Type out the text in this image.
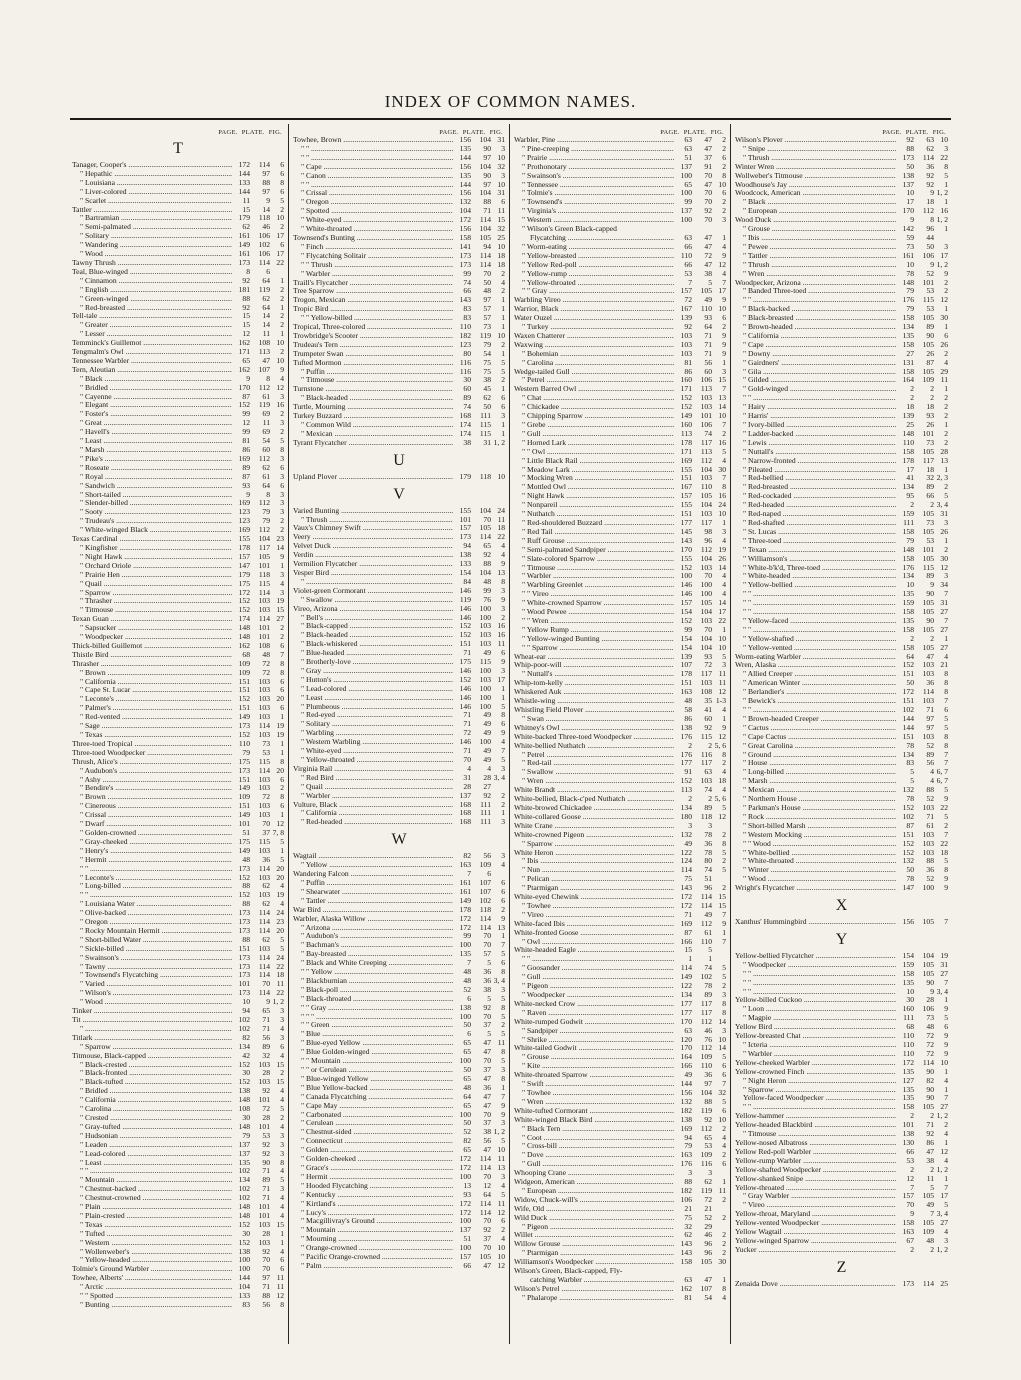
INDEX OF COMMON NAMES.
PAGE. PLATE. FIG.
T
Tanager, Cooper's .....	172	114	6
" Hepathic .....	144	97	6
" Louisiana .....	133	88	8
" Liver-colored .....	144	97	6
" Scarlet .....	11	9	5
Tattler .....	15	14	2
" Bartramian .....	179	118 10
" Semi-palmated .....	62	46	2
" Solitary .....	161	106 17
" Wandering .....	149	102	6
" Wood .....	161	106 17
Tawny Thrush .....	173	114 22
Teal, Blue-winged .....	8	6
" Cinnamon .....	92	64	1
" English .....	181	119	2
" Green-winged .....	88	62	2
" Red-breasted .....	92	64	1
Tell-tale .....	15	14	2
" Greater .....	15	14	2
" Lesser .....	12	11	1
Temminck's Guillemot .....	162	108 10
Tengmalm's Owl .....	171	113	2
Tennessee Warbler .....	65	47 10
Tern, Aleutian .....	162	107	9
" Black .....	9	8	4
" Bridled .....	170	112 12
" Cayenne .....	87	61	3
" Elegant .....	152	119 16
" Foster's .....	99	69	2
" Great .....	12	11	3
" Havell's .....	99	69	2
" Least .....	81	54	5
" Marsh .....	86	60	8
" Pike's .....	169	112	3
" Roseate .....	89	62	6
" Royal .....	87	61	3
" Sandwich .....	93	64	6
" Short-tailed .....	9	8	3
" Slender-billed .....	169	112	3
" Sooty .....	123	79	3
" Trudeau's .....	123	79	2
" White-winged Black .....	169	112	2
Texas Cardinal .....	155	104 23
" Kingfisher .....	178	117 14
" Night Hawk .....	157	105	9
" Orchard Oriole .....	147	101	1
" Prairie Hen .....	179	118	3
" Quail .....	175	115	4
" Sparrow .....	172	114	3
" Thrasher .....	152	103 19
" Titmouse .....	152	103 15
Texan Guan .....	174	114 27
" Sapsucker .....	148	101	2
" Woodpecker .....	148	101	2
Thick-billed Guillemot .....	162	108	6
Thistle Bird .....	68	48	7
Thrasher .....	109	72	8
" Brown .....	109	72	8
" California .....	151	103	6
" Cape St. Lucar .....	151	103	6
" Leconte's .....	152	103 20
" Palmer's .....	151	103	6
" Red-vented .....	149	103	1
" Sage .....	173	114 19
" Texas .....	152	103 19
Three-toed Tropical .....	110	73	1
Three-toed Woodpecker .....	79	53	1
Thrush, Alice's .....	175	115	8
" Audubon's .....	173	114 20
" Ashy .....	151	103	6
" Bendire's .....	149	103	2
" Brown .....	109	72	8
" Cinereous .....	151	103	6
" Crissal .....	149	103	1
" Dwarf .....	101	70 12
" Golden-crowned .....	51	37 7, 8
" Gray-cheeked .....	175	115	5
" Henry's .....	149	103	1
" Hermit .....	48	36	5
" " .....	173	114 20
" Leconte's .....	152	103 20
" Long-billed .....	88	62	4
" " .....	152	103 19
" Louisiana Water .....	88	62	4
" Olive-backed .....	173	114 24
" Oregon .....	173	114 23
" Rocky Mountain Hermit .....	173	114 20
" Short-billed Water .....	88	62	5
" Sickle-billed .....	151	103	5
" Swainson's .....	173	114 24
" Tawny .....	173	114 22
" Townsend's Flycatching .....	173	114 18
" Varied .....	101	70 11
" Wilson's .....	173	114 22
" Wood .....	10	9 1, 2
Tinker .....	94	65	3
Tit .....	102	71	3
" .....	102	71	4
Titlark .....	82	56	3
" Sparrow .....	134	89	6
Titmouse, Black-capped .....	42	32	4
" Black-crested .....	152	103 15
" Black-fronted .....	30	28	2
" Black-tufted .....	152	103 15
" Bridled .....	138	92	4
" California .....	148	101	4
" Carolina .....	108	72	5
" Crested .....	30	28	2
" Gray-tufted .....	148	101	4
" Hudsonian .....	79	53	3
" Leaden .....	137	92	3
" Lead-colored .....	137	92	3
" Least .....	135	90	8
" " .....	102	71	4
" Mountain .....	134	89	5
" Chestnut-backed .....	102	71	3
" Chestnut-crowned .....	102	71	4
" Plain .....	148	101	4
" Plain-crested .....	148	101	4
" Texas .....	152	103 15
" Tufted .....	30	28	1
" Western .....	152	103	1
" Wollenweber's .....	138	92	4
" Yellow-headed .....	100	70	6
Tolmie's Ground Warbler .....	100	70	6
Towhee, Alberts' .....	144	97 11
" Arctic .....	104	71 11
" " Spotted .....	133	88 12
" Bunting .....	83	56	8
PAGE. PLATE. FIG.
Towhee, Brown .....	156	104 31
" " .....	135	90	3
" " .....	144	97 10
" Cape .....	156	104 32
" Canon .....	135	90	3
" " .....	144	97 10
" Crissal .....	156	104 31
" Oregon .....	132	88	6
" Spotted .....	104	71 11
" White-eyed .....	172	114 15
" White-throated .....	156	104 32
Townsend's Bunting .....	158	105 25
" Finch .....	141	94 10
" Flycatching Solitair .....	173	114 18
" " Thrush .....	173	114 18
" Warbler .....	99	70	2
Traill's Flycatcher .....	74	50	4
Tree Sparrow .....	66	48	2
Trogon, Mexican .....	143	97	1
Tropic Bird .....	83	57	1
" " Yellow-billed .....	83	57	1
Tropical, Three-colored .....	110	73	1
Trowbridge's Scooter .....	182	119 10
Trudeau's Tern .....	123	79	2
Trumpeter Swan .....	80	54	1
Tufted Mormon .....	116	75	5
" Puffin .....	116	75	5
" Titmouse .....	30	38	2
Turnstone .....	60	45	1
" Black-headed .....	89	62	6
Turtle, Mourning .....	74	50	6
Turkey Buzzard .....	168	111	3
" Common Wild .....	174	115	1
" Mexican .....	174	115	1
Tyrant Flycatcher .....	38	31 1, 2
U
Upland Plover .....	179	118 10
V
Varied Bunting .....	155	104 24
" Thrush .....	101	70 11
Vaux's Chimney Swift .....	157	105 18
Veery .....	173	114 22
Velvet Duck .....	94	65	4
Verdin .....	138	92	4
Vermilion Flycatcher .....	133	88	9
Vesper Bird .....	154	104 13
" .....	84	48	8
Violet-green Cormorant .....	146	99	3
" Swallow .....	119	76	9
Vireo, Arizona .....	146	100	3
" Bell's .....	146	100	2
" Black-capped .....	152	103 16
" Black-headed .....	152	103 16
" Black-whiskered .....	151	103 11
" Blue-headed .....	71	49	6
" Brotherly-love .....	175	115	9
" Gray .....	146	100	3
" Hutton's .....	152	103 17
" Lead-colored .....	146	100	1
" Least .....	146	100	1
" Plumbeous .....	146	100	5
" Red-eyed .....	71	49	8
" Solitary .....	71	49	6
" Warbling .....	72	49	9
" Western Warbling .....	146	100	4
" White-eyed .....	71	49	7
" Yellow-throated .....	70	49	5
Virginia Rail .....	4	4	3
" Red Bird .....	31	28 3, 4
" Quail .....	28	27
" Warbler .....	137	92	2
Vulture, Black .....	168	111	2
" California .....	168	111	1
" Red-headed .....	168	111	3
W
Wagtail .....	82	56	3
" Yellow .....	163	109	4
Wandering Falcon .....	7	6
" Puffin .....	161	107	6
" Shearwater .....	161	107	6
" Tattler .....	149	102	6
War Bird .....	178	118	2
Warbler, Alaska Willow .....	172	114	9
" Arizona .....	172	114 13
" Audubon's .....	99	70	1
" Bachman's .....	100	70	7
" Bay-breasted .....	135	57	5
" Black and White Creeping .....	7	5	6
" " Yellow .....	48	36	8
" Blackburnian .....	48	36 3, 4
" Black-poll .....	52	38	3
" Black-throated .....	6	5	5
" " Gray .....	138	92	8
" " " .....	100	70	5
" " Green .....	50	37	2
" Blue .....	6	5	5
" Blue-eyed Yellow .....	65	47 11
" Blue Golden-winged .....	65	47	8
" " Mountain .....	100	70	5
" " or Cerulean .....	50	37	3
" Blue-winged Yellow .....	65	47	8
" Blue Yellow-backed .....	48	36	1
" Canada Flycatching .....	64	47	7
" Cape May .....	65	47	9
" Carbonated .....	100	70	9
" Cerulean .....	50	37	3
" Chestnut-sided .....	52	38 1, 2
" Connecticut .....	82	56	5
" Golden .....	65	47 10
" Golden-cheeked .....	172	114 11
" Grace's .....	172	114 13
" Hermit .....	100	70	3
" Hooded Flycatching .....	13	12	4
" Kentucky .....	93	64	5
" Kirtland's .....	172	114 11
" Lucy's .....	172	114 12
" Macgillivray's Ground .....	100	70	6
" Mountain .....	137	92	2
" Mourning .....	51	37	4
" Orange-crowned .....	100	70 10
" Pacific Orange-crowned .....	157	105 10
" Palm .....	66	47 12
PAGE. PLATE. FIG.
Warbler, Pine .....	63	47	2
" Pine-creeping .....	63	47	2
" Prairie .....	51	37	6
" Prothonotary .....	137	91	2
" Swainson's .....	100	70	8
" Tennessee .....	65	47 10
" Tolmie's .....	100	70	6
" Townsend's .....	99	70	2
" Virginia's .....	137	92	2
" Western .....	100	70	3
" Wilson's Green Black-capped
Flycatching .....	63	47	1
" Worm-eating .....	66	47	4
" Yellow-breasted .....	110	72	9
" Yellow Red-poll .....	66	47 12
" Yellow-rump .....	53	38	4
" Yellow-throated .....	7	5	7
" " Gray .....	157	105 17
Warbling Vireo .....	72	49	9
Warrior, Black .....	167	110 10
Water Ouzel .....	139	93	6
" Turkey .....	92	64	2
Waxen Chatterer .....	103	71	9
Waxwing .....	103	71	9
" Bohemian .....	103	71	9
" Carolina .....	81	56	1
Wedge-tailed Gull .....	86	60	3
" Petrel .....	160	106 15
Western Barred Owl .....	171	113	7
" Chat .....	152	103 13
" Chickadee .....	152	103 14
" Chipping Sparrow .....	149	101 10
" Grebe .....	160	106	7
" Gull .....	113	74	2
" Horned Lark .....	178	117 16
" " Owl .....	171	113	5
" Little Black Rail .....	169	112	4
" Meadow Lark .....	155	104 30
" Mocking Wren .....	151	103	7
" Mottled Owl .....	167	110	8
" Night Hawk .....	157	105 16
" Nonpareil .....	155	104 24
" Nuthatch .....	151	103 10
" Red-shouldered Buzzard .....	177	117	1
" Red Tail .....	145	98	3
" Ruff Grouse .....	143	96	4
" Semi-palmated Sandpiper .....	170	112 19
" Slate-colored Sparrow .....	155	104 26
" Titmouse .....	152	103 14
" Warbler .....	100	70	4
" Warbling Greenlet .....	146	100	4
" " Vireo .....	146	100	4
" White-crowned Sparrow .....	157	105 14
" Wood Pewee .....	154	104 17
" " Wren .....	152	103 22
" Yellow Rump .....	99	70	1
" Yellow-winged Bunting .....	154	104 10
" " Sparrow .....	154	104 10
Wheat-ear .....	139	93	5
Whip-poor-will .....	107	72	3
" Nuttall's .....	178	117 11
Whip-tom-kelly .....	151	103 11
Whiskered Auk .....	163	108 12
Whistle-wing .....	48	35 1-3
Whistling Field Plover .....	58	41	4
" Swan .....	86	60	1
Whitney's Owl .....	138	92	9
White-backed Three-toed Woodpecker .....	176	115 12
White-bellied Nuthatch .....	2	2 5, 6
" Petrel .....	176	116	8
" Red-tail .....	177	117	2
" Swallow .....	91	63	4
" Wren .....	152	103 18
White Brandt .....	113	74	4
White-bellied, Black-c'ped Nuthatch .....	2	2 5, 6
White-browed Chickadee .....	134	89	5
White-collared Goose .....	180	118 12
White Crane .....	3	3
White-crowned Pigeon .....	132	78	2
" Sparrow .....	49	36	8
White Heron .....	122	78	5
" Ibis .....	124	80	2
" Nun .....	114	74	5
" Pelican .....	75	51
" Ptarmigan .....	143	96	2
White-eyed Chewink .....	172	114 15
" Towhee .....	172	114 15
" Vireo .....	71	49	7
White-faced Ibis .....	169	112	9
White-fronted Goose .....	87	61	1
" Owl .....	166	110	7
White-headed Eagle .....	15	5
" " .....	1	1
" Goosander .....	114	74	5
" Gull .....	149	102	5
" Pigeon .....	122	78	2
" Woodpecker .....	134	89	3
White-necked Crow .....	177	117	8
" Raven .....	177	117	8
White-rumped Godwit .....	170	112 14
" Sandpiper .....	63	46	3
" Shrike .....	120	76 10
White-tailed Godwit .....	170	112 14
" Grouse .....	164	109	5
" Kite .....	166	110	6
White-throated Sparrow .....	49	36	6
" Swift .....	144	97	7
" Towhee .....	156	104 32
" Wren .....	132	88	5
White-tufted Cormorant .....	182	119	6
White-winged Black Bird .....	138	92 10
" Black Tern .....	169	112	2
" Coot .....	94	65	4
" Cross-bill .....	79	53	4
" Dove .....	163	109	2
" Gull .....	176	116	6
Whooping Crane .....	3	3
Widgeon, American .....	88	62	1
" European .....	182	119 11
Widow, Chuck-will's .....	106	72	2
Wife, Old .....	21	21
Wild Duck .....	75	52	2
" Pigeon .....	32	29
Willet .....	62	46	2
Willow Grouse .....	143	96	2
" Ptarmigan .....	143	96	2
Williamson's Woodpecker .....	158	105 30
Wilson's Green, Black-capped, Fly-
catching Warbler .....	63	47	1
Wilson's Petrel .....	162	107	8
" Phalarope .....	81	54	4
PAGE. PLATE. FIG.
Wilson's Plover .....	92	63 10
" Snipe .....	88	62	3
" Thrush .....	173	114 22
Winter Wren .....	50	36	8
Wollweber's Titmouse .....	138	92	5
Woodhouse's Jay .....	137	92	1
Woodcock, American .....	10	9 1, 2
" Black .....	17	18	1
" European .....	170	112 16
Wood Duck .....	9	8 1, 2
" Grouse .....	142	96	1
" Ibis .....	59	44
" Pewee .....	73	50	3
" Tattler .....	161	106 17
" Thrush .....	10	9 1, 2
" Wren .....	78	52	9
Woodpecker, Arizona .....	148	101	2
" Banded Three-toed .....	79	53	2
" " .....	176	115 12
" Black-backed .....	79	53	1
" Black-breasted .....	158	105 30
" Brown-headed .....	134	89	1
" California .....	135	90	6
" Cape .....	158	105 26
" Downy .....	27	26	2
" Gairdners' .....	131	87	4
" Gila .....	158	105 29
" Gilded .....	164	109 11
" Gold-winged .....	2	2	1
" " .....	2	2	2
" Hairy .....	18	18	2
" Harris' .....	139	93	2
" Ivory-billed .....	25	26	1
" Ladder-backed .....	148	101	2
" Lewis .....	110	73	2
" Nuttall's .....	158	105 28
" Narrow-fronted .....	178	117 13
" Pileated .....	17	18	1
" Red-bellied .....	41	32 2, 3
" Red-breasted .....	134	89	2
" Red-cockaded .....	95	66	5
" Red-headed .....	2	2 3, 4
" Red-naped .....	159	105 31
" Red-shafted .....	111	73	3
" St. Lucas .....	158	105 26
" Three-toed .....	79	53	1
" Texan .....	148	101	2
" Williamson's .....	158	105 30
" White-b'k'd, Three-toed .....	176	115 12
" White-headed .....	134	89	3
" Yellow-bellied .....	10	9 34
" " .....	135	90	7
" " .....	159	105 31
" " .....	158	105 27
" Yellow-faced .....	135	90	7
" " .....	158	105 27
" Yellow-shafted .....	2	2	1
" Yellow-vented .....	158	105 27
Worm-eating Warbler .....	64	47	4
Wren, Alaska .....	152	103 21
" Allied Creeper .....	151	103	8
" American Winter .....	50	36	8
" Berlandier's .....	172	114	8
" Bewick's .....	151	103	7
" " .....	102	71	6
" Brown-headed Creeper .....	144	97	5
" Cactus .....	144	97	5
" Cape Cactus .....	151	103	8
" Great Carolina .....	78	52	8
" Ground .....	134	89	7
" House .....	83	56	7
" Long-billed .....	5	4 6, 7
" Marsh .....	5	4 6, 7
" Mexican .....	132	88	5
" Northern House .....	78	52	9
" Parkman's House .....	152	103 22
" Rock .....	102	71	5
" Short-billed Marsh .....	87	61	2
" Western Mocking .....	151	103	7
" " Wood .....	152	103 22
" White-bellied .....	152	103 18
" White-throated .....	132	88	5
" Winter .....	50	36	8
" Wood .....	78	52	9
Wright's Flycatcher .....	147	100	9
X
Xanthus' Hummingbird .....	156	105	7
Y
Yellow-bellied Flycatcher .....	154	104 19
" Woodpecker .....	159	105 31
" " .....	158	105 27
" " .....	135	90	7
" " .....	10	9 3, 4
Yellow-billed Cuckoo .....	30	28	1
" Loon .....	160	106	9
" Magpie .....	111	73	5
Yellow Bird .....	68	48	6
Yellow-breasted Chat .....	110	72	9
" Icteria .....	110	72	9
" Warbler .....	110	72	9
Yellow-cheeked Warbler .....	172	114 10
Yellow-crowned Finch .....	135	90	1
" Night Heron .....	127	82	4
" Sparrow .....	135	90	1
Yellow-faced Woodpecker .....	135	90	7
" " .....	158	105 27
Yellow-hammer .....	2	2 1, 2
Yellow-headed Blackbird .....	101	71	2
" Titmouse .....	138	92	4
Yellow-nosed Albatross .....	130	86	1
Yellow Red-poll Warbler .....	66	47 12
Yellow-rump Warbler .....	53	38	4
Yellow-shafted Woodpecker .....	2	2 1, 2
Yellow-shanked Snipe .....	12	11	1
Yellow-throated .....	7	5	7
" Gray Warbler .....	157	105 17
" Vireo .....	70	49	5
Yellow-throat, Maryland .....	9	7 3, 4
Yellow-vented Woodpecker .....	158	105 27
Yellow Wagtail .....	163	109	4
Yellow-winged Sparrow .....	67	48	3
Yucker .....	2	2 1, 2
Z
Zenaida Dove .....	173	114 25
